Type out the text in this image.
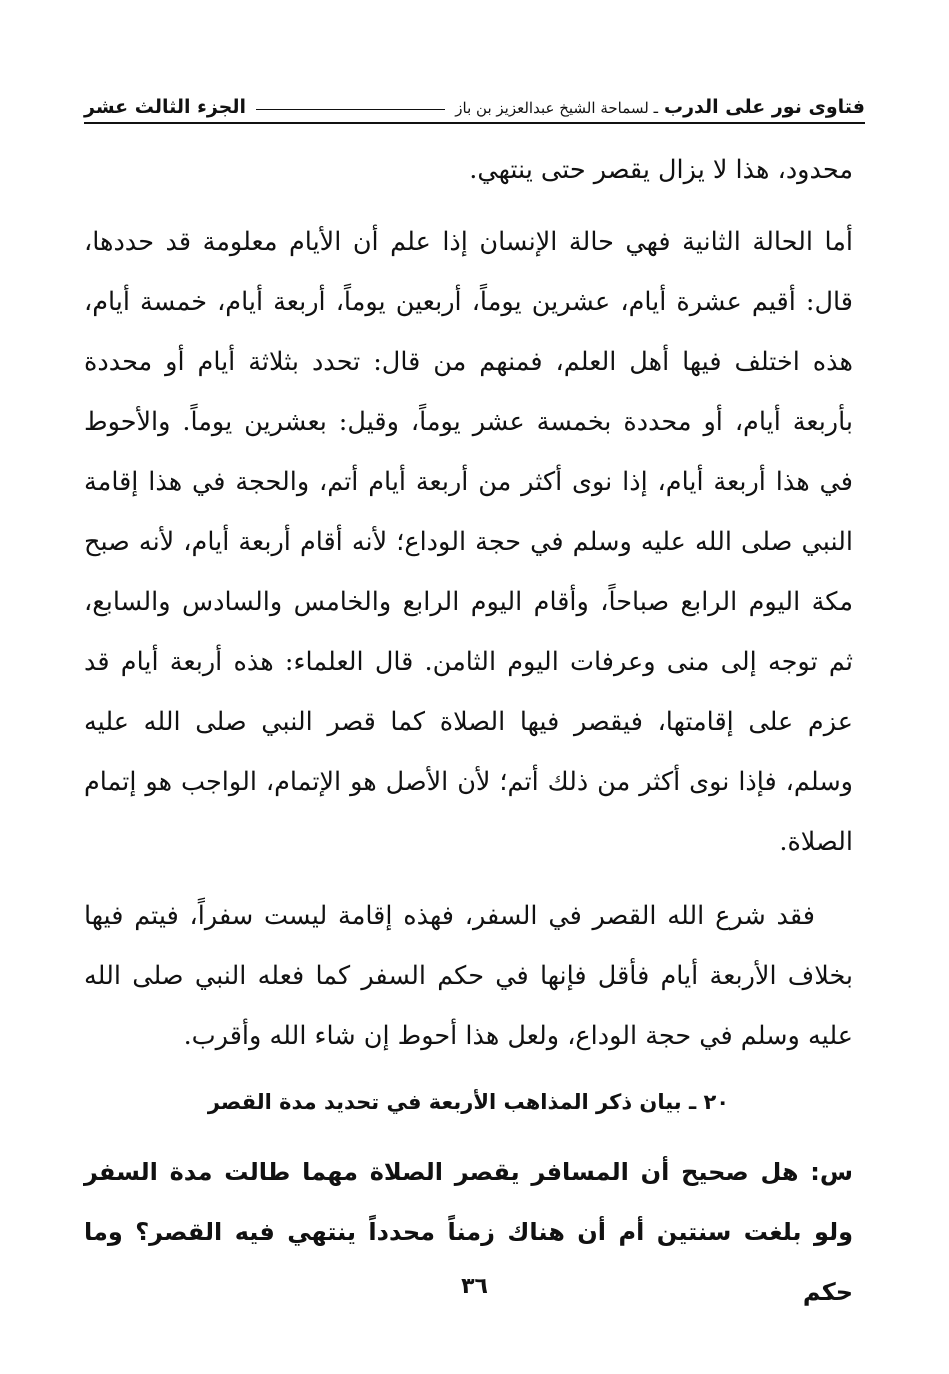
فتاوى نور على الدرب
ـ لسماحة الشيخ عبدالعزيز بن باز
الجزء الثالث عشر

محدود، هذا لا يزال يقصر حتى ينتهي.

أما الحالة الثانية فهي حالة الإنسان إذا علم أن الأيام معلومة قد حددها، قال: أقيم عشرة أيام، عشرين يوماً، أربعين يوماً، أربعة أيام، خمسة أيام، هذه اختلف فيها أهل العلم، فمنهم من قال: تحدد بثلاثة أيام أو محددة بأربعة أيام، أو محددة بخمسة عشر يوماً، وقيل: بعشرين يوماً. والأحوط في هذا أربعة أيام، إذا نوى أكثر من أربعة أيام أتم، والحجة في هذا إقامة النبي صلى الله عليه وسلم في حجة الوداع؛ لأنه أقام أربعة أيام، لأنه صبح مكة اليوم الرابع صباحاً، وأقام اليوم الرابع والخامس والسادس والسابع، ثم توجه إلى منى وعرفات اليوم الثامن. قال العلماء: هذه أربعة أيام قد عزم على إقامتها، فيقصر فيها الصلاة كما قصر النبي صلى الله عليه وسلم، فإذا نوى أكثر من ذلك أتم؛ لأن الأصل هو الإتمام، الواجب هو إتمام الصلاة.

فقد شرع الله القصر في السفر، فهذه إقامة ليست سفراً، فيتم فيها بخلاف الأربعة أيام فأقل فإنها في حكم السفر كما فعله النبي صلى الله عليه وسلم في حجة الوداع، ولعل هذا أحوط إن شاء الله وأقرب.

٢٠ ـ بيان ذكر المذاهب الأربعة في تحديد مدة القصر

س: هل صحيح أن المسافر يقصر الصلاة مهما طالت مدة السفر ولو بلغت سنتين أم أن هناك زمناً محدداً ينتهي فيه القصر؟ وما حكم

٣٦
